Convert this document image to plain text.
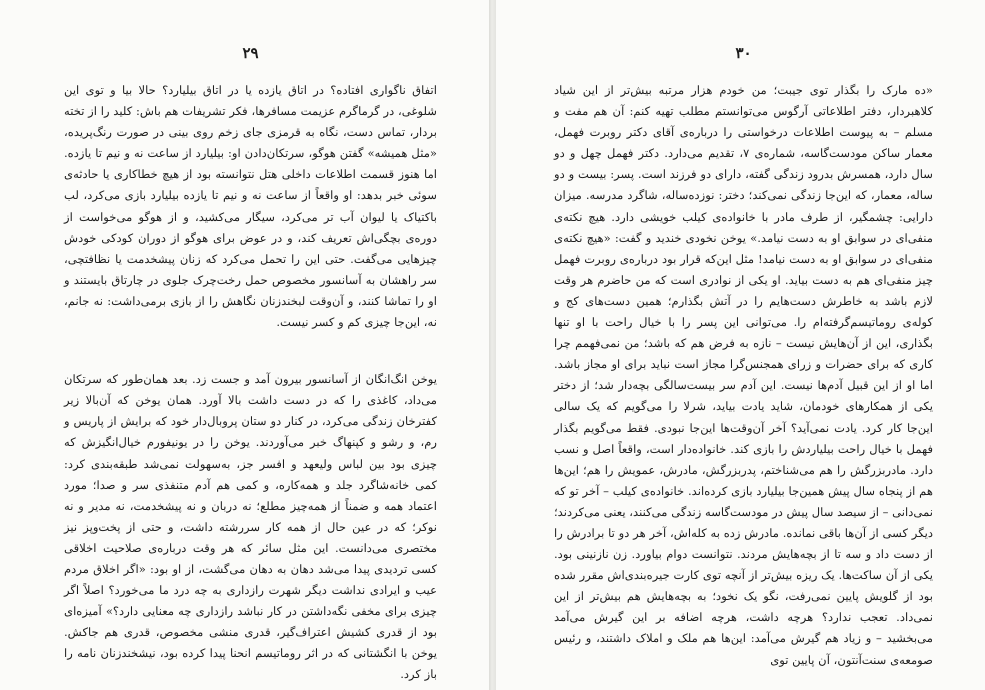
۲۹

اتفاق ناگواری افتاده؟ در اتاق یازده یا در اتاق بیلیارد؟ حالا بیا و توی این شلوغی، در گرماگرم عزیمت مسافرها، فکر تشریفات هم باش: کلید را از تخته بردار، تماس دست، نگاه به قرمزی جای زخم روی بینی در صورت رنگ‌پریده، «مثل همیشه» گفتن هوگو، سرتکان‌دادن او: بیلیارد از ساعت نه و نیم تا یازده. اما هنوز قسمت اطلاعات داخلی هتل نتوانسته بود از هیچ خطاکاری یا حادثه‌ی سوئی خبر بدهد: او واقعاً از ساعت نه و نیم تا یازده بیلیارد بازی می‌کرد، لب باکتیاک یا لیوان آب تر می‌کرد، سیگار می‌کشید، و از هوگو می‌خواست از دوره‌ی بچگی‌اش تعریف کند، و در عوض برای هوگو از دوران کودکی خودش چیزهایی می‌گفت. حتی این را تحمل می‌کرد که زنان پیشخدمت یا نظافتچی، سر راهشان به آسانسور مخصوص حمل رخت‌چرک جلوی در چارتاق بایستند و او را تماشا کنند، و آن‌وقت لبخندزنان نگاهش را از بازی برمی‌داشت: نه جانم، نه، این‌جا چیزی کم و کسر نیست.

یوخن انگ‌انگان از آسانسور بیرون آمد و جست زد. بعد همان‌طور که سرتکان می‌داد، کاغذی را که در دست داشت بالا آورد. همان یوخن که آن‌بالا زیر کفترخان زندگی می‌کرد، در کنار دو ستان پروبال‌دار خود که برایش از پاریس و رم، و رشو و کپنهاگ خبر می‌آوردند. یوخن را در یونیفورم خیال‌انگیزش که چیزی بود بین لباس ولیعهد و افسر جز، به‌سهولت نمی‌شد طبقه‌بندی کرد: کمی خانه‌شاگرد جلد و همه‌کاره، و کمی هم آدم متنفذی سر و صدا؛ مورد اعتماد همه و ضمناً از همه‌چیز مطلع؛ نه دربان و نه پیشخدمت، نه مدیر و نه نوکر؛ که در عین حال از همه کار سررشته داشت، و حتی از پخت‌وپز نیز مختصری می‌دانست. این مثل سائر که هر وقت درباره‌ی صلاحیت اخلاقی کسی تردیدی پیدا می‌شد دهان به دهان می‌گشت، از او بود: «اگر اخلاق مردم عیب و ایرادی نداشت دیگر شهرت رازداری به چه درد ما می‌خورد؟ اصلاً اگر چیزی برای مخفی نگه‌داشتن در کار نباشد رازداری چه معنایی دارد؟» آمیزه‌ای بود از قدری کشیش اعتراف‌گیر، قدری منشی مخصوص، قدری هم جاکش. یوخن با انگشتانی که در اثر روماتیسم انحنا پیدا کرده بود، نیشخندزنان نامه را باز کرد.

۳۰

«ده مارک را بگذار توی جیبت؛ من خودم هزار مرتبه بیش‌تر از این شیاد کلاهبردار، دفتر اطلاعاتی آرگوس می‌توانستم مطلب تهیه کنم: آن هم مفت و مسلم – به پیوست اطلاعات درخواستی را درباره‌ی آقای دکتر روبرت فهمل، معمار ساکن مودست‌گاسه، شماره‌ی ۷، تقدیم می‌دارد. دکتر فهمل چهل و دو سال دارد، همسرش بدرود زندگی گفته، دارای دو فرزند است. پسر: بیست و دو ساله، معمار، که این‌جا زندگی نمی‌کند؛ دختر: نوزده‌ساله، شاگرد مدرسه. میزان دارایی: چشمگیر، از طرف مادر با خانواده‌ی کیلب خویشی دارد. هیچ نکته‌ی منفی‌ای در سوابق او به دست نیامد.» یوخن نخودی خندید و گفت: «هیچ نکته‌ی منفی‌ای در سوابق او به دست نیامد! مثل این‌که قرار بود درباره‌ی روبرت فهمل چیز منفی‌ای هم به دست بیاید. او یکی از نوادری است که من حاضرم هر وقت لازم باشد به خاطرش دست‌هایم را در آتش بگذارم؛ همین دست‌های کج و کوله‌ی روماتیسم‌گرفته‌ام را. می‌توانی این پسر را با خیال راحت با او تنها بگذاری، این از آن‌هایش نیست – نازه به فرض هم که باشد؛ من نمی‌فهمم چرا کاری که برای حضرات و زرای همجنس‌گرا مجاز است نباید برای او مجاز باشد. اما او از این قبیل آدم‌ها نیست. این آدم سر بیست‌سالگی بچه‌دار شد؛ از دختر یکی از همکارهای خودمان، شاید یادت بیاید، شرلا را می‌گویم که یک سالی این‌جا کار کرد. یادت نمی‌آید؟ آخر آن‌وقت‌ها این‌جا نبودی. فقط می‌گویم بگذار فهمل با خیال راحت بیلیاردش را بازی کند. خانواده‌دار است، واقعاً اصل و نسب دارد. مادربزرگش را هم می‌شناختم، پدربزرگش، مادرش، عمویش را هم؛ این‌ها هم از پنجاه سال پیش همین‌جا بیلیارد بازی کرده‌اند. خانواده‌ی کیلب – آخر تو که نمی‌دانی – از سیصد سال پیش در مودست‌گاسه زندگی می‌کنند، یعنی می‌کردند؛ دیگر کسی از آن‌ها باقی نمانده. مادرش زده به کله‌اش، آخر هر دو تا برادرش را از دست داد و سه تا از بچه‌هایش مردند. نتوانست دوام بیاورد. زن نازنینی بود. یکی از آن ساکت‌ها. یک ریزه بیش‌تر از آنچه توی کارت جیره‌بندی‌اش مقرر شده بود از گلویش پایین نمی‌رفت، نگو یک نخود؛ به بچه‌هایش هم بیش‌تر از این نمی‌داد. تعجب ندارد؟ هرچه داشت، هرچه اضافه بر این گیرش می‌آمد می‌بخشید – و زیاد هم گیرش می‌آمد: این‌ها هم ملک و املاک داشتند، و رئیس صومعه‌ی سنت‌آنتون، آن پایین توی
